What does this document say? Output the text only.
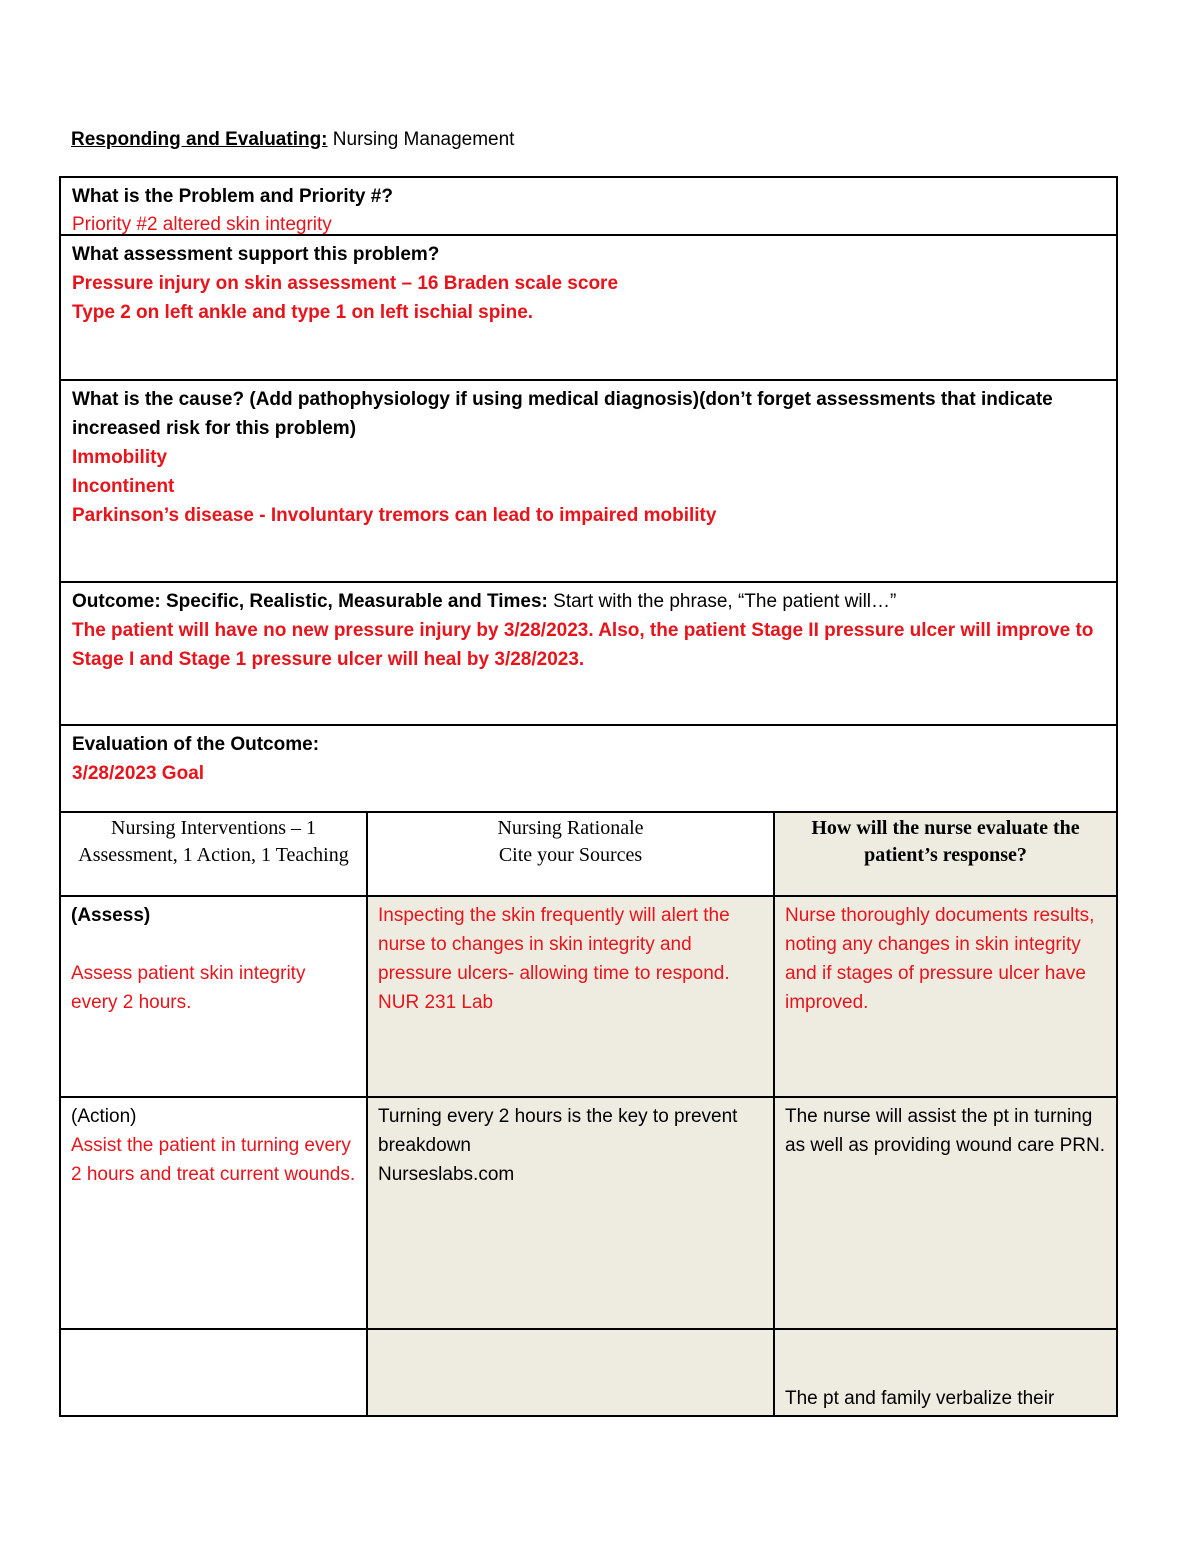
Responding and Evaluating: Nursing Management
What is the Problem and Priority #?
Priority #2 altered skin integrity
What assessment support this problem?
Pressure injury on skin assessment – 16 Braden scale score
Type 2 on left ankle and type 1 on left ischial spine.
What is the cause? (Add pathophysiology if using medical diagnosis)(don’t forget assessments that indicate increased risk for this problem)
Immobility
Incontinent
Parkinson’s disease - Involuntary tremors can lead to impaired mobility
Outcome: Specific, Realistic, Measurable and Times: Start with the phrase, “The patient will…”
The patient will have no new pressure injury by 3/28/2023. Also, the patient Stage II pressure ulcer will improve to Stage I and Stage 1 pressure ulcer will heal by 3/28/2023.
Evaluation of the Outcome:
3/28/2023 Goal
Nursing Interventions – 1 Assessment, 1 Action, 1 Teaching
Nursing Rationale
Cite your Sources
How will the nurse evaluate the patient’s response?
(Assess)
Assess patient skin integrity every 2 hours.
Inspecting the skin frequently will alert the nurse to changes in skin integrity and pressure ulcers- allowing time to respond.
NUR 231 Lab
Nurse thoroughly documents results, noting any changes in skin integrity and if stages of pressure ulcer have improved.
(Action)
Assist the patient in turning every 2 hours and treat current wounds.
Turning every 2 hours is the key to prevent breakdown
Nurseslabs.com
The nurse will assist the pt in turning as well as providing wound care PRN.
The pt and family verbalize their
